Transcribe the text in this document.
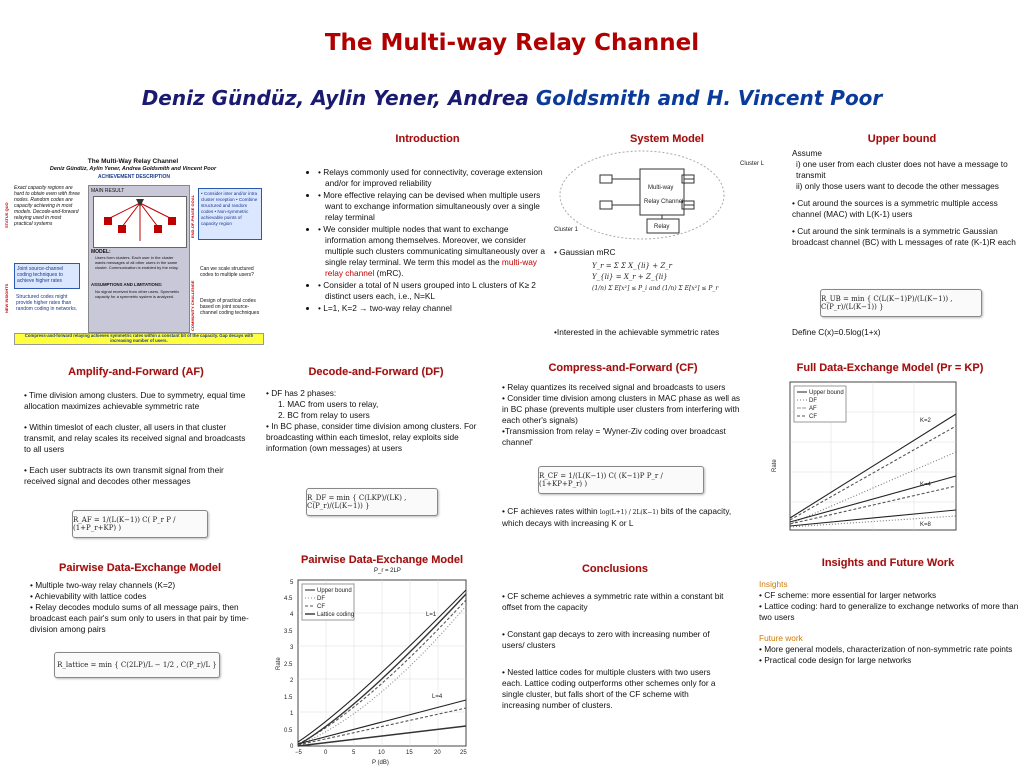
The Multi-way Relay Channel
Deniz Gündüz, Aylin Yener, Andrea Goldsmith and H. Vincent Poor
The Multi-Way Relay Channel
Deniz Gündüz, Aylin Yener, Andrea Goldsmith and Vincent Poor
ACHIEVEMENT DESCRIPTION
STATUS QUO
NEW INSIGHTS
Exact capacity regions are hard to obtain even with three nodes. Random codes are capacity achieving in most models. Decode-and-forward relaying used in most practical systems
Joint source-channel coding techniques to achieve higher rates
Structured codes might provide higher rates than random coding in networks.
MAIN RESULT
MODEL:
Users form clusters. Each user in the cluster wants messages of all other users in the same cluster. Communication is enabled by the relay.
ASSUMPTIONS AND LIMITATIONS:
No signal received from other users. Symmetric capacity for a symmetric system is analyzed.
END-OF-PHASE GOAL
• Consider inter and/or intra cluster reception • Combine structured and random codes • Non-symmetric achievable points of capacity region
Can we scale structured codes to multiple users?
COMMUNITY CHALLENGE Design of practical codes based on joint source-channel coding techniques
Compress-and-forward relaying achieves symmetric rates within a constant bit of the capacity. Gap decays with increasing number of users.
Introduction
• • Relays commonly used for connectivity, coverage extension and/or for improved reliability
• • More effective relaying can be devised when multiple users want to exchange information simultaneously over a single relay terminal
• • We consider multiple nodes that want to exchange information among themselves. Moreover, we consider multiple such clusters communicating simultaneously over a single relay terminal. We term this model as the multi-way relay channel (mRC).
• • Consider a total of N users grouped into L clusters of K≥ 2 distinct users each, i.e., N=KL
• • L=1, K=2 → two-way relay channel
System Model
Multi-way
Relay Channel
Relay
Cluster L
Cluster 1
• Gaussian mRC
Y_r = Σ Σ X_{li} + Z_r
Y_{li} = X_r + Z_{li}
(1/n) Σ E[x²] ≤ P_i and (1/n) Σ E[x²] ≤ P_r
•Interested in the achievable symmetric rates
Upper bound
Assume
i) one user from each cluster does not have a message to transmit
ii) only those users want to decode the other messages
• Cut around the sources is a symmetric multiple access channel (MAC) with L(K-1) users
• Cut around the sink terminals is a symmetric Gaussian broadcast channel (BC) with L messages of rate (K-1)R each
R_UB = min { C(L(K−1)P)/(L(K−1)) , C(P_r)/(L(K−1)) }
Define C(x)=0.5log(1+x)
Amplify-and-Forward (AF)
• Time division among clusters. Due to symmetry, equal time allocation maximizes achievable symmetric rate
• Within timeslot of each cluster, all users in that cluster transmit, and relay scales its received signal and broadcasts to all users
• Each user subtracts its own transmit signal from their received signal and decodes other messages
R_AF = 1/(L(K−1)) C( P_r P / (1+P_r+KP) )
Decode-and-Forward (DF)
• DF has 2 phases:
1. MAC from users to relay,
2. BC from relay to users
• In BC phase, consider time division among clusters. For broadcasting within each timeslot, relay exploits side information (own messages) at users
R_DF = min { C(LKP)/(LK) , C(P_r)/(L(K−1)) }
Compress-and-Forward (CF)
• Relay quantizes its received signal and broadcasts to users
• Consider time division among clusters in MAC phase as well as in BC phase (prevents multiple user clusters from interfering with each other's signals)
•Transmission from relay = 'Wyner-Ziv coding over broadcast channel'
R_CF = 1/(L(K−1)) C( (K−1)P P_r / (1+KP+P_r) )
• CF achieves rates within log(L+1) / 2L(K−1) bits of the capacity, which decays with increasing K or L
Full Data-Exchange Model (Pr = KP)
Rate
Upper bound
DF
AF
CF
K=2
K=4
K=8
Pairwise Data-Exchange Model
• Multiple two-way relay channels (K=2)
• Achievability with lattice codes
• Relay decodes modulo sums of all message pairs, then broadcast each pair's sum only to users in that pair by time-division among pairs
R_lattice = min { C(2LP)/L − 1/2 , C(P_r)/L }
Pairwise Data-Exchange Model
P_r = 2LP
Rate
Upper bound
DF
CF
Lattice coding	L=1
L=4
−5	0	5	10	15	20	25
P (dB)
0
0.5
1
1.5
2
2.5
3
3.5
4
4.5
5
Conclusions
• CF scheme achieves a symmetric rate within a constant bit offset from the capacity
• Constant gap decays to zero with increasing number of users/ clusters
• Nested lattice codes for multiple clusters with two users each. Lattice coding outperforms other schemes only for a single cluster, but falls short of the CF scheme with increasing number of clusters.
Insights and Future Work
Insights
• CF scheme: more essential for larger networks
• Lattice coding: hard to generalize to exchange networks of more than two users
Future work
• More general models, characterization of non-symmetric rate points
• Practical code design for large networks
